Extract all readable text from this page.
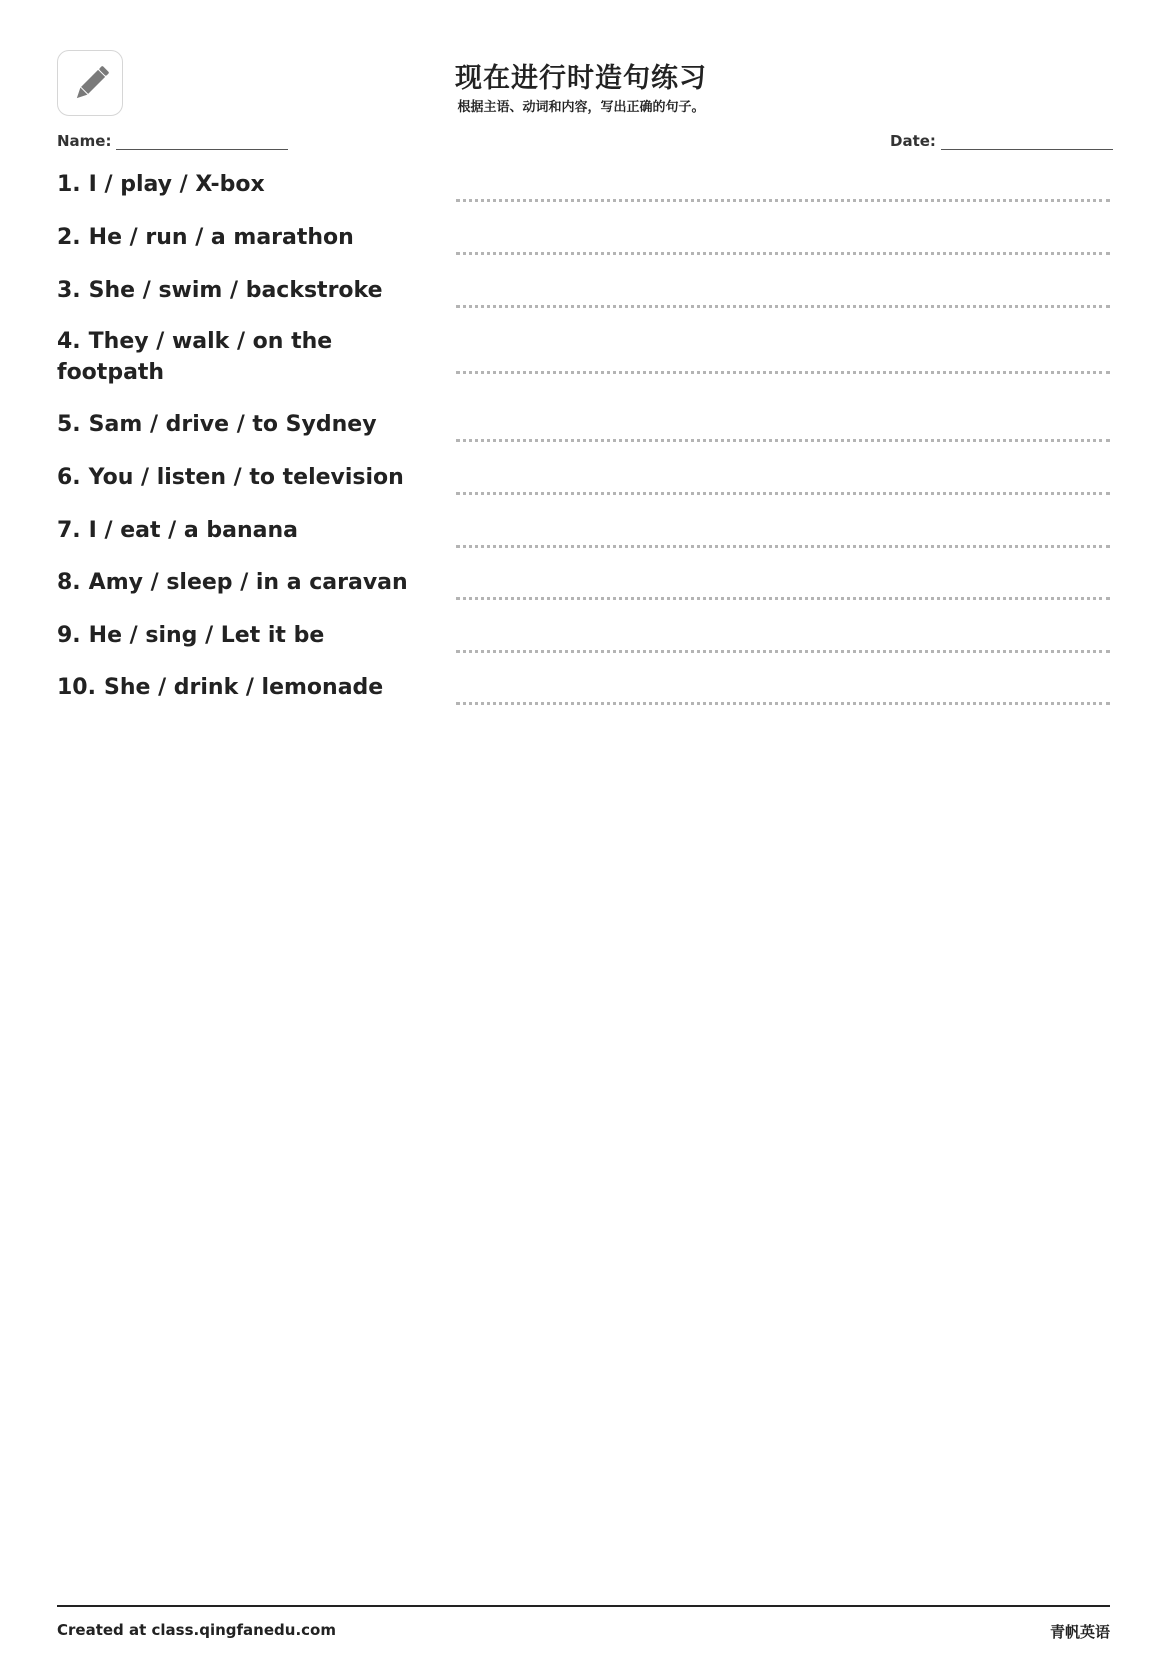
现在进行时造句练习
根据主语、动词和内容，写出正确的句子。
Name:	Date:
1. I / play / X-box
2. He / run / a marathon
3. She / swim / backstroke
4. They / walk / on the footpath
5. Sam / drive / to Sydney
6. You / listen / to television
7. I / eat / a banana
8. Amy / sleep / in a caravan
9. He / sing / Let it be
10. She / drink / lemonade
Created at class.qingfanedu.com	青帆英语
